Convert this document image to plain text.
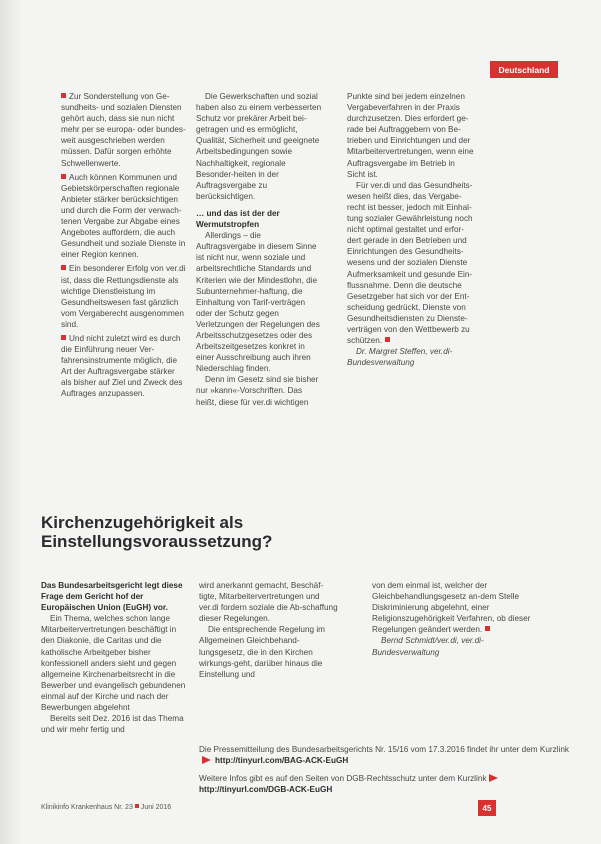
Deutschland

Zur Sonderstellung von Ge-sundheits- und sozialen Diensten gehört auch, dass sie nun nicht mehr per se europa- oder bundes-weit ausgeschrieben werden müssen. Dafür sorgen erhöhte Schwellenwerte.

Auch können Kommunen und Gebietskörperschaften regionale Anbieter stärker berücksichtigen und durch die Form der verwach-tenen Vergabe zur Abgabe eines Angebotes auffordern, die auch Gesundheit und soziale Dienste in einer Region kennen.

Ein besonderer Erfolg von ver.di ist, dass die Rettungsdienste als wichtige Dienstleistung im Gesundheitswesen fast gänzlich vom Vergaberecht ausgenommen sind.

Und nicht zuletzt wird es durch die Einführung neuer Ver-fahrensinstrumente möglich, die Art der Auftragsvergabe stärker als bisher auf Ziel und Zweck des Auftrages anzupassen.

Die Gewerkschaften und sozial haben also zu einem verbesserten Schutz vor prekärer Arbeit bei-getragen und es ermöglicht, Qualität, Sicherheit und geeignete Arbeitsbedingungen sowie Nachhaltigkeit, regionale Besonder-heiten in der Auftragsvergabe zu berücksichtigen.

… und das ist der der Wermutstropfen

Allerdings – die Auftragsvergabe in diesem Sinne ist nicht nur, wenn soziale und arbeitsrechtliche Standards und Kriterien wie der Mindestlohn, die Subunternehmer-haftung, die Einhaltung von Tarif-verträgen oder der Schutz gegen Verletzungen der Regelungen des Arbeitsschutzgesetzes oder des Arbeitszeitgesetzes konkret in einer Ausschreibung auch ihren Niederschlag finden.

Denn im Gesetz sind sie bisher nur »kann«-Vorschriften. Das heißt, diese für ver.di wichtigen

Punkte sind bei jedem einzelnen Vergabeverfahren in der Praxis durchzusetzen. Dies erfordert ge-rade bei Auftraggebern von Be-trieben und Einrichtungen und der Mitarbeitervertretungen, wenn eine Auftragsvergabe im Betrieb in Sicht ist.

Für ver.di und das Gesundheits-wesen heißt dies, das Vergabe-recht ist besser, jedoch mit Einhal-tung sozialer Gewährleistung noch nicht optimal gestaltet und erfor-dert gerade in den Betrieben und Einrichtungen des Gesundheits-wesens und der sozialen Dienste Aufmerksamkeit und gesunde Ein-flussnahme. Denn die deutsche Gesetzgeber hat sich vor der Ent-scheidung gedrückt, Dienste von Gesundheitsdiensten zu Dienste-verträgen von den Wettbewerb zu schützen.

Dr. Margret Steffen, ver.di-Bundesverwaltung

Kirchenzugehörigkeit als
Einstellungsvoraussetzung?

Das Bundesarbeitsgericht legt diese Frage dem Gericht hof der Europäischen Union (EuGH) vor.

Ein Thema, welches schon lange Mitarbeitervertretungen beschäftigt in den Diakonie, die Caritas und die katholische Arbeitgeber bisher konfessionell anders sieht und gegen allgemeine Kirchenarbeitsrecht in die Bewerber und evangelisch gebundenen einmal auf der Kirche und nach der Bewerbungen abgelehnt

Bereits seit Dez. 2016 ist das Thema und wir mehr fertig und

wird anerkannt gemacht, Beschäf-tigte, Mitarbeitervertretungen und ver.di fordern soziale die Ab-schaffung dieser Regelungen.

Die entsprechende Regelung im Allgemeinen Gleichbehand-lungsgesetz, die in den Kirchen wirkungs-geht, darüber hinaus die Einstellung und

von dem einmal ist, welcher der Gleichbehandlungsgesetz an-dem Stelle Diskriminierung abgelehnt, einer Religionszugehörigkeit Verfahren, ob dieser Regelungen geändert werden.

Bernd Schmidt/ver.di, ver.di-Bundesverwaltung

Die Pressemitteilung des Bundesarbeitsgerichts Nr. 15/16 vom 17.3.2016 findet ihr unter dem Kurzlinkhttp://tinyurl.com/BAG-ACK-EuGH
Weitere Infos gibt es auf den Seiten von DGB-Rechtsschutz unter dem Kurzlinkhttp://tinyurl.com/DGB-ACK-EuGH
Klinikinfo Krankenhaus Nr. 23 Juni 2016	45
